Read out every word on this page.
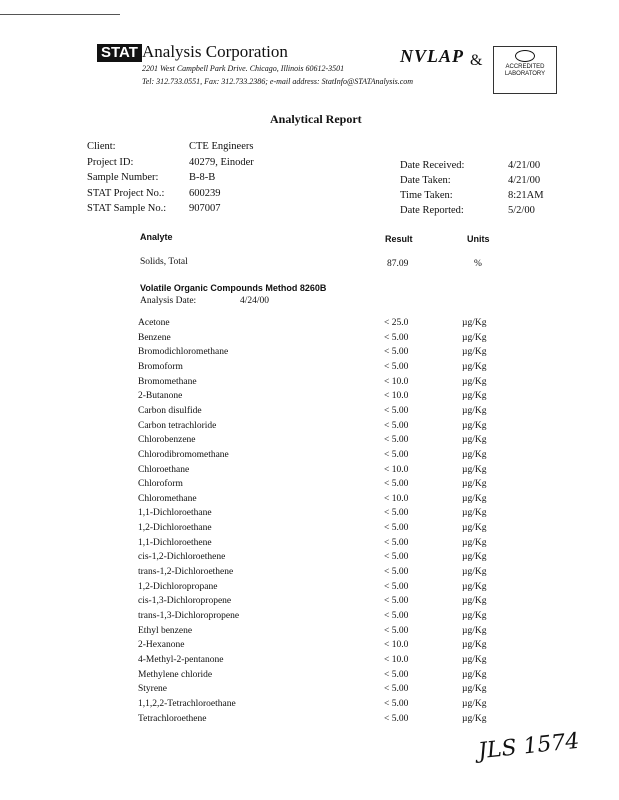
STAT Analysis Corporation
2201 West Campbell Park Drive. Chicago, Illinois 60612-3501
Tel: 312.733.0551, Fax: 312.733.2386; e-mail address: StatInfo@STATAnalysis.com
NVLAP &	ACCREDITED
LABORATORY
Analytical Report
Client:	CTE Engineers
Project ID:	40279, Einoder
Sample Number:	B-8-B
STAT Project No.: 600239
STAT Sample No.: 907007
Date Received:	4/21/00
Date Taken:	4/21/00
Time Taken:	8:21AM
Date Reported:	5/2/00
Analyte	Result	Units
Solids, Total	87.09	%
Volatile Organic Compounds Method 8260B
Analysis Date:	4/24/00
Acetone	< 25.0	µg/Kg
Benzene	< 5.00	µg/Kg
Bromodichloromethane	< 5.00	µg/Kg
Bromoform	< 5.00	µg/Kg
Bromomethane	< 10.0	µg/Kg
2-Butanone	< 10.0	µg/Kg
Carbon disulfide	< 5.00	µg/Kg
Carbon tetrachloride	< 5.00	µg/Kg
Chlorobenzene	< 5.00	µg/Kg
Chlorodibromomethane	< 5.00	µg/Kg
Chloroethane	< 10.0	µg/Kg
Chloroform	< 5.00	µg/Kg
Chloromethane	< 10.0	µg/Kg
1,1-Dichloroethane	< 5.00	µg/Kg
1,2-Dichloroethane	< 5.00	µg/Kg
1,1-Dichloroethene	< 5.00	µg/Kg
cis-1,2-Dichloroethene	< 5.00	µg/Kg
trans-1,2-Dichloroethene	< 5.00	µg/Kg
1,2-Dichloropropane	< 5.00	µg/Kg
cis-1,3-Dichloropropene	< 5.00	µg/Kg
trans-1,3-Dichloropropene	< 5.00	µg/Kg
Ethyl benzene	< 5.00	µg/Kg
2-Hexanone	< 10.0	µg/Kg
4-Methyl-2-pentanone	< 10.0	µg/Kg
Methylene chloride	< 5.00	µg/Kg
Styrene	< 5.00	µg/Kg
1,1,2,2-Tetrachloroethane	< 5.00	µg/Kg
Tetrachloroethene	< 5.00	µg/Kg
JLS 1574
